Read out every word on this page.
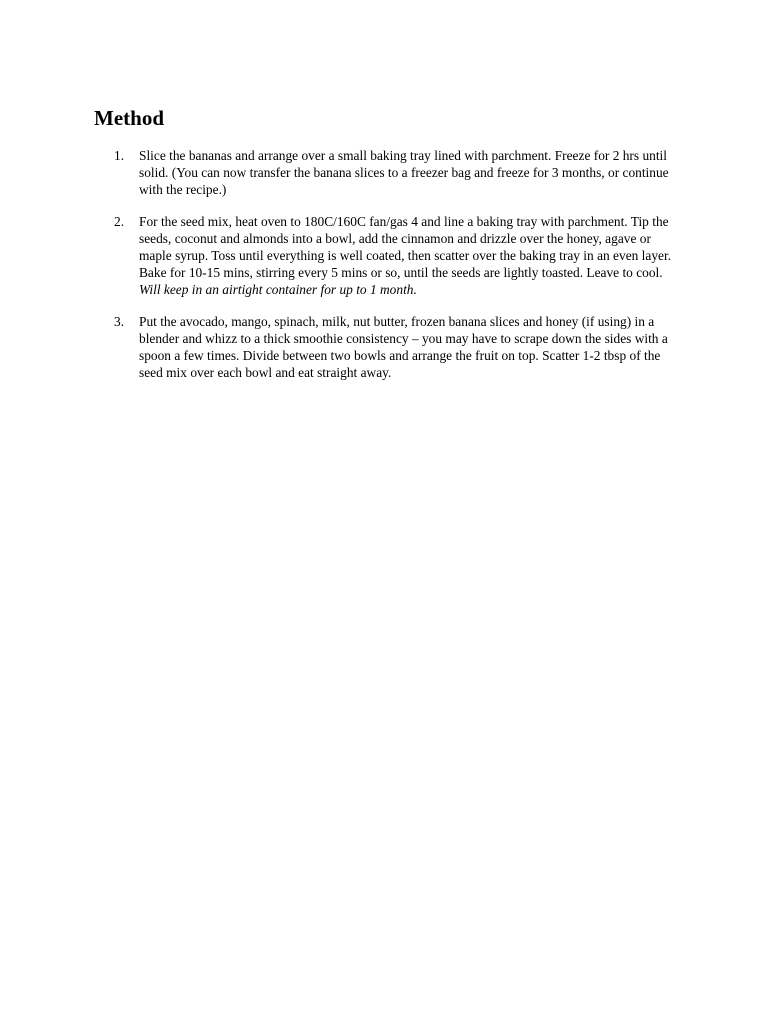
Method
1. Slice the bananas and arrange over a small baking tray lined with parchment. Freeze for 2 hrs until solid. (You can now transfer the banana slices to a freezer bag and freeze for 3 months, or continue with the recipe.)

2. For the seed mix, heat oven to 180C/160C fan/gas 4 and line a baking tray with parchment. Tip the seeds, coconut and almonds into a bowl, add the cinnamon and drizzle over the honey, agave or maple syrup. Toss until everything is well coated, then scatter over the baking tray in an even layer. Bake for 10-15 mins, stirring every 5 mins or so, until the seeds are lightly toasted. Leave to cool. Will keep in an airtight container for up to 1 month.

3. Put the avocado, mango, spinach, milk, nut butter, frozen banana slices and honey (if using) in a blender and whizz to a thick smoothie consistency – you may have to scrape down the sides with a spoon a few times. Divide between two bowls and arrange the fruit on top. Scatter 1-2 tbsp of the seed mix over each bowl and eat straight away.
